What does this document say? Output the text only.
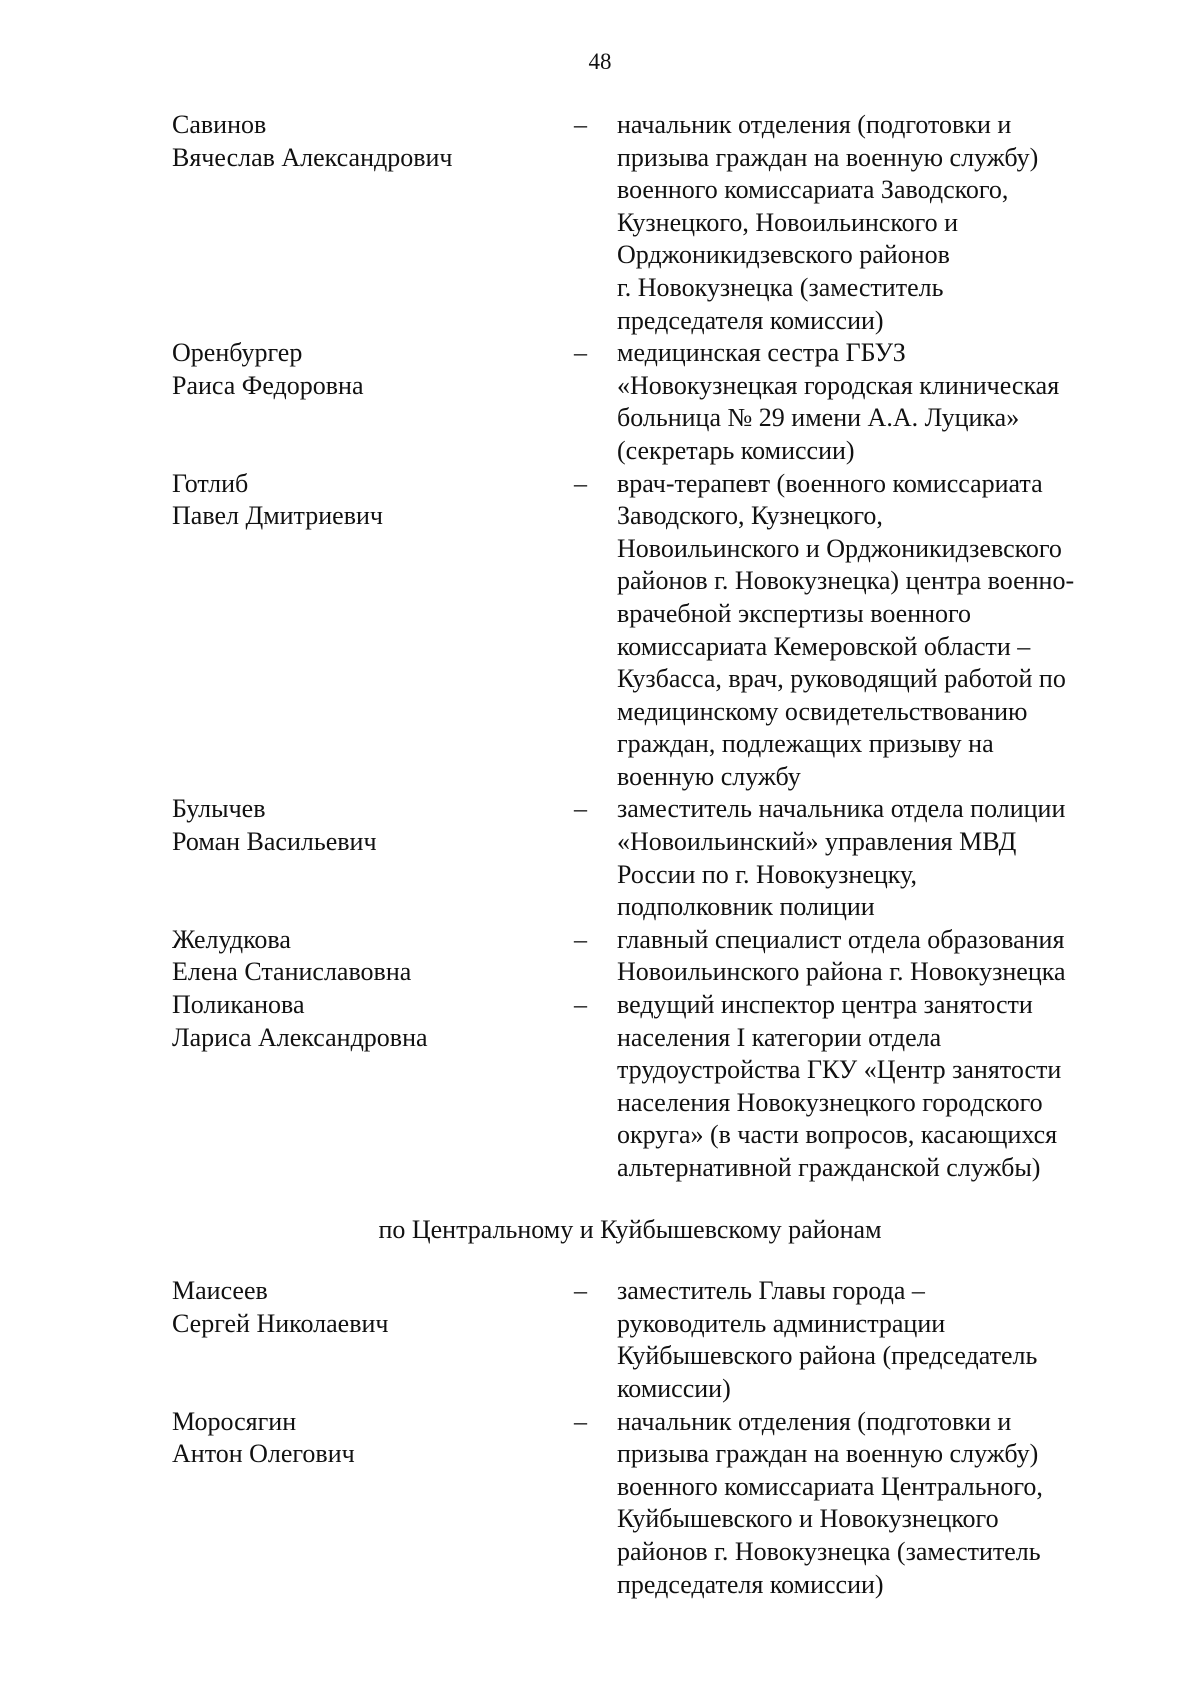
48
Савинов
Вячеслав Александрович
– начальник отделения (подготовки и
призыва граждан на военную службу)
военного комиссариата Заводского,
Кузнецкого, Новоильинского и
Орджоникидзевского районов
г. Новокузнецка (заместитель
председателя комиссии)
Оренбургер
Раиса Федоровна
– медицинская сестра ГБУЗ
«Новокузнецкая городская клиническая
больница № 29 имени А.А. Луцика»
(секретарь комиссии)
Готлиб
Павел Дмитриевич
– врач-терапевт (военного комиссариата
Заводского, Кузнецкого,
Новоильинского и Орджоникидзевского
районов г. Новокузнецка) центра военно-
врачебной экспертизы военного
комиссариата Кемеровской области –
Кузбасса, врач, руководящий работой по
медицинскому освидетельствованию
граждан, подлежащих призыву на
военную службу
Булычев
Роман Васильевич
– заместитель начальника отдела полиции
«Новоильинский» управления МВД
России по г. Новокузнецку,
подполковник полиции
Желудкова
Елена Станиславовна
– главный специалист отдела образования
Новоильинского района г. Новокузнецка
Поликанова
Лариса Александровна
– ведущий инспектор центра занятости
населения I категории отдела
трудоустройства ГКУ «Центр занятости
населения Новокузнецкого городского
округа» (в части вопросов, касающихся
альтернативной гражданской службы)
по Центральному и Куйбышевскому районам
Маисеев
Сергей Николаевич
– заместитель Главы города –
руководитель администрации
Куйбышевского района (председатель
комиссии)
Моросягин
Антон Олегович
– начальник отделения (подготовки и
призыва граждан на военную службу)
военного комиссариата Центрального,
Куйбышевского и Новокузнецкого
районов г. Новокузнецка (заместитель
председателя комиссии)
